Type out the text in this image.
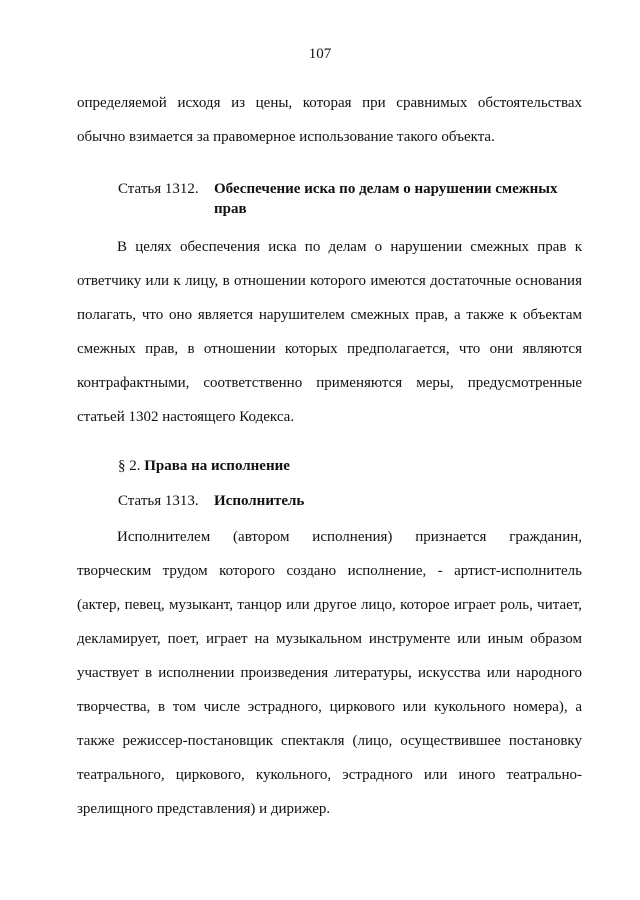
107
определяемой исходя из цены, которая при сравнимых обстоятельствах обычно взимается за правомерное использование такого объекта.
Статья 1312. Обеспечение иска по делам о нарушении смежных прав
В целях обеспечения иска по делам о нарушении смежных прав к ответчику или к лицу, в отношении которого имеются достаточные основания полагать, что оно является нарушителем смежных прав, а также к объектам смежных прав, в отношении которых предполагается, что они являются контрафактными, соответственно применяются меры, предусмотренные статьей 1302 настоящего Кодекса.
§ 2. Права на исполнение
Статья 1313. Исполнитель
Исполнителем (автором исполнения) признается гражданин, творческим трудом которого создано исполнение, - артист-исполнитель (актер, певец, музыкант, танцор или другое лицо, которое играет роль, читает, декламирует, поет, играет на музыкальном инструменте или иным образом участвует в исполнении произведения литературы, искусства или народного творчества, в том числе эстрадного, циркового или кукольного номера), а также режиссер-постановщик спектакля (лицо, осуществившее постановку театрального, циркового, кукольного, эстрадного или иного театрально-зрелищного представления) и дирижер.
